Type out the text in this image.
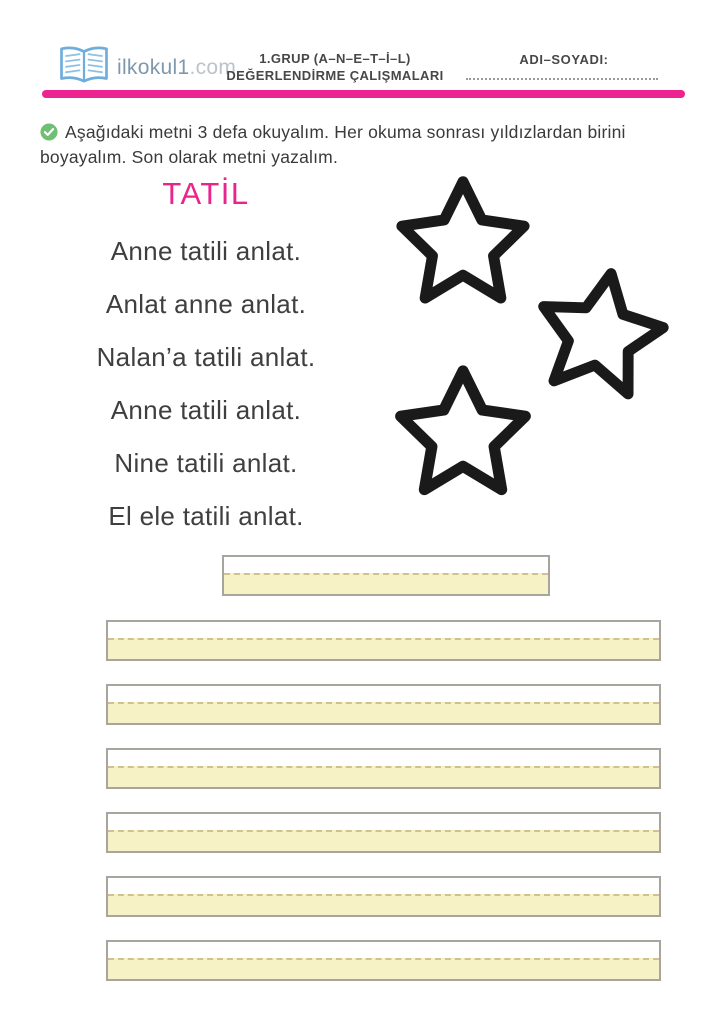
ilkokul1.com	1.GRUP (A–N–E–T–İ–L)
DEĞERLENDİRME ÇALIŞMALARI
ADI–SOYADI:

Aşağıdaki metni 3 defa okuyalım. Her okuma sonrası yıldızlardan birini boyayalım. Son olarak metni yazalım.

TATİL
Anne tatili anlat.
Anlat anne anlat.
Nalan’a tatili anlat.
Anne tatili anlat.
Nine tatili anlat.
El ele tatili anlat.
